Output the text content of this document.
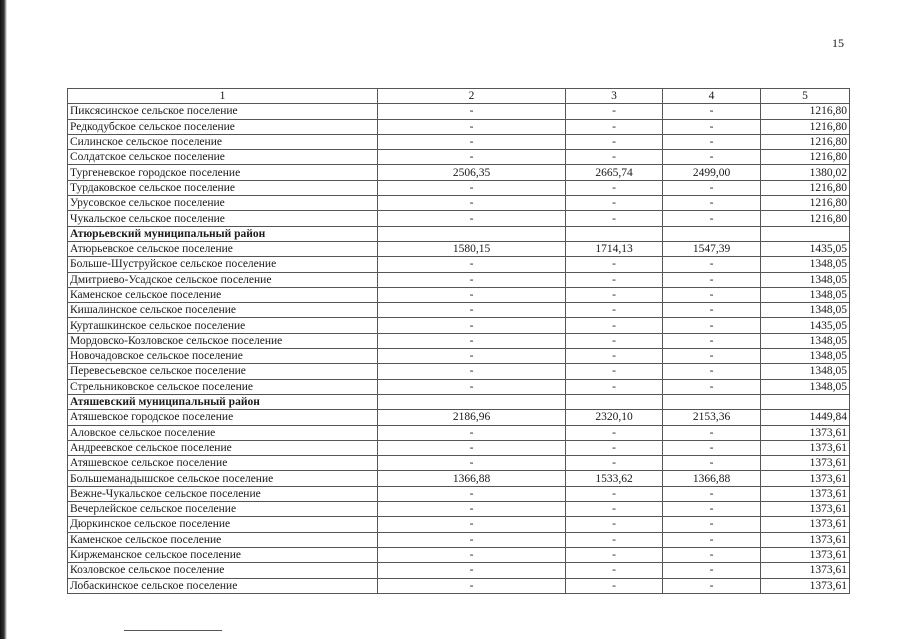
15
1	2	3	4	5
Пиксясинское сельское поселение	-	-	-	1216,80
Редкодубское сельское поселение	-	-	-	1216,80
Силинское сельское поселение	-	-	-	1216,80
Солдатское сельское поселение	-	-	-	1216,80
Тургеневское городское поселение	2506,35	2665,74	2499,00	1380,02
Турдаковское сельское поселение	-	-	-	1216,80
Урусовское сельское поселение	-	-	-	1216,80
Чукальское сельское поселение	-	-	-	1216,80
Атюрьевский муниципальный район				
Атюрьевское сельское поселение	1580,15	1714,13	1547,39	1435,05
Больше-Шуструйское сельское поселение	-	-	-	1348,05
Дмитриево-Усадское сельское поселение	-	-	-	1348,05
Каменское сельское поселение	-	-	-	1348,05
Кишалинское сельское поселение	-	-	-	1348,05
Курташкинское сельское поселение	-	-	-	1435,05
Мордовско-Козловское сельское поселение	-	-	-	1348,05
Новочадовское сельское поселение	-	-	-	1348,05
Перевесьевское сельское поселение	-	-	-	1348,05
Стрельниковское сельское поселение	-	-	-	1348,05
Атяшевский муниципальный район				
Атяшевское городское поселение	2186,96	2320,10	2153,36	1449,84
Аловское сельское поселение	-	-	-	1373,61
Андреевское сельское поселение	-	-	-	1373,61
Атяшевское сельское поселение	-	-	-	1373,61
Большеманадышское сельское поселение	1366,88	1533,62	1366,88	1373,61
Вежне-Чукальское сельское поселение	-	-	-	1373,61
Вечерлейское сельское поселение	-	-	-	1373,61
Дюркинское сельское поселение	-	-	-	1373,61
Каменское сельское поселение	-	-	-	1373,61
Киржеманское сельское поселение	-	-	-	1373,61
Козловское сельское поселение	-	-	-	1373,61
Лобаскинское сельское поселение	-	-	-	1373,61
